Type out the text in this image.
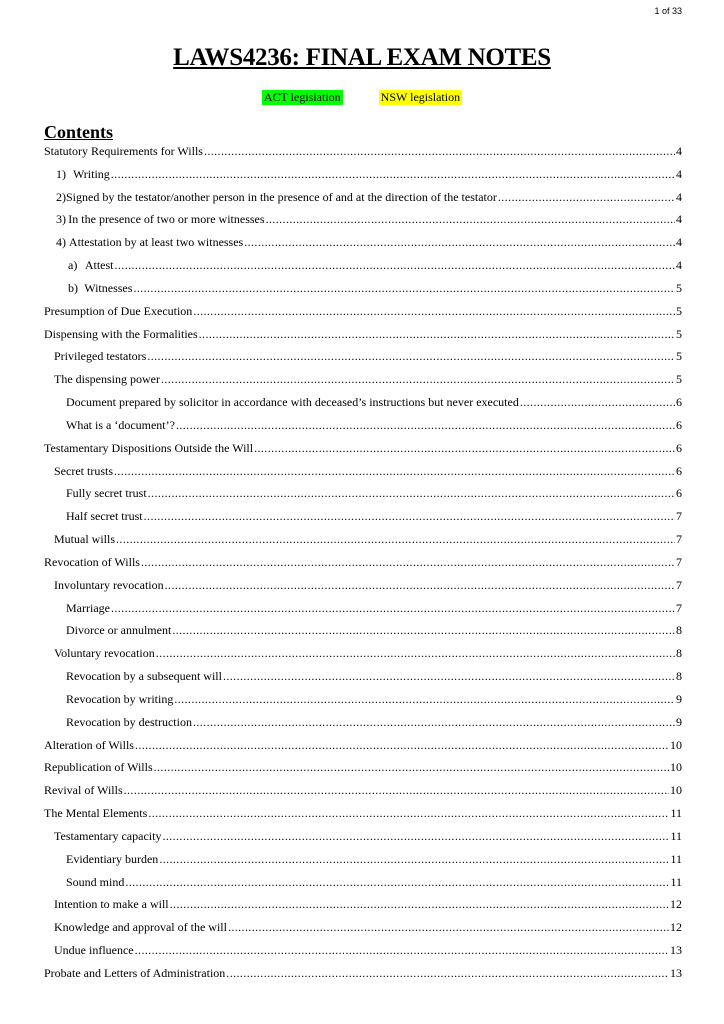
1 of 33
LAWS4236: FINAL EXAM NOTES
ACT legislation	NSW legislation
Contents
Statutory Requirements for Wills .....	4
1) Writing .....	4
2) Signed by the testator/another person in the presence of and at the direction of the testator .....	4
3) In the presence of two or more witnesses .....	4
4) Attestation by at least two witnesses .....	4
a) Attest .....	4
b) Witnesses .....	5
Presumption of Due Execution .....	5
Dispensing with the Formalities .....	5
Privileged testators .....	5
The dispensing power .....	5
Document prepared by solicitor in accordance with deceased’s instructions but never executed .....	6
What is a ‘document’? .....	6
Testamentary Dispositions Outside the Will .....	6
Secret trusts .....	6
Fully secret trust .....	6
Half secret trust .....	7
Mutual wills .....	7
Revocation of Wills .....	7
Involuntary revocation .....	7
Marriage .....	7
Divorce or annulment .....	8
Voluntary revocation .....	8
Revocation by a subsequent will .....	8
Revocation by writing .....	9
Revocation by destruction .....	9
Alteration of Wills .....	10
Republication of Wills .....	10
Revival of Wills .....	10
The Mental Elements .....	11
Testamentary capacity .....	11
Evidentiary burden .....	11
Sound mind .....	11
Intention to make a will .....	12
Knowledge and approval of the will .....	12
Undue influence .....	13
Probate and Letters of Administration .....	13
